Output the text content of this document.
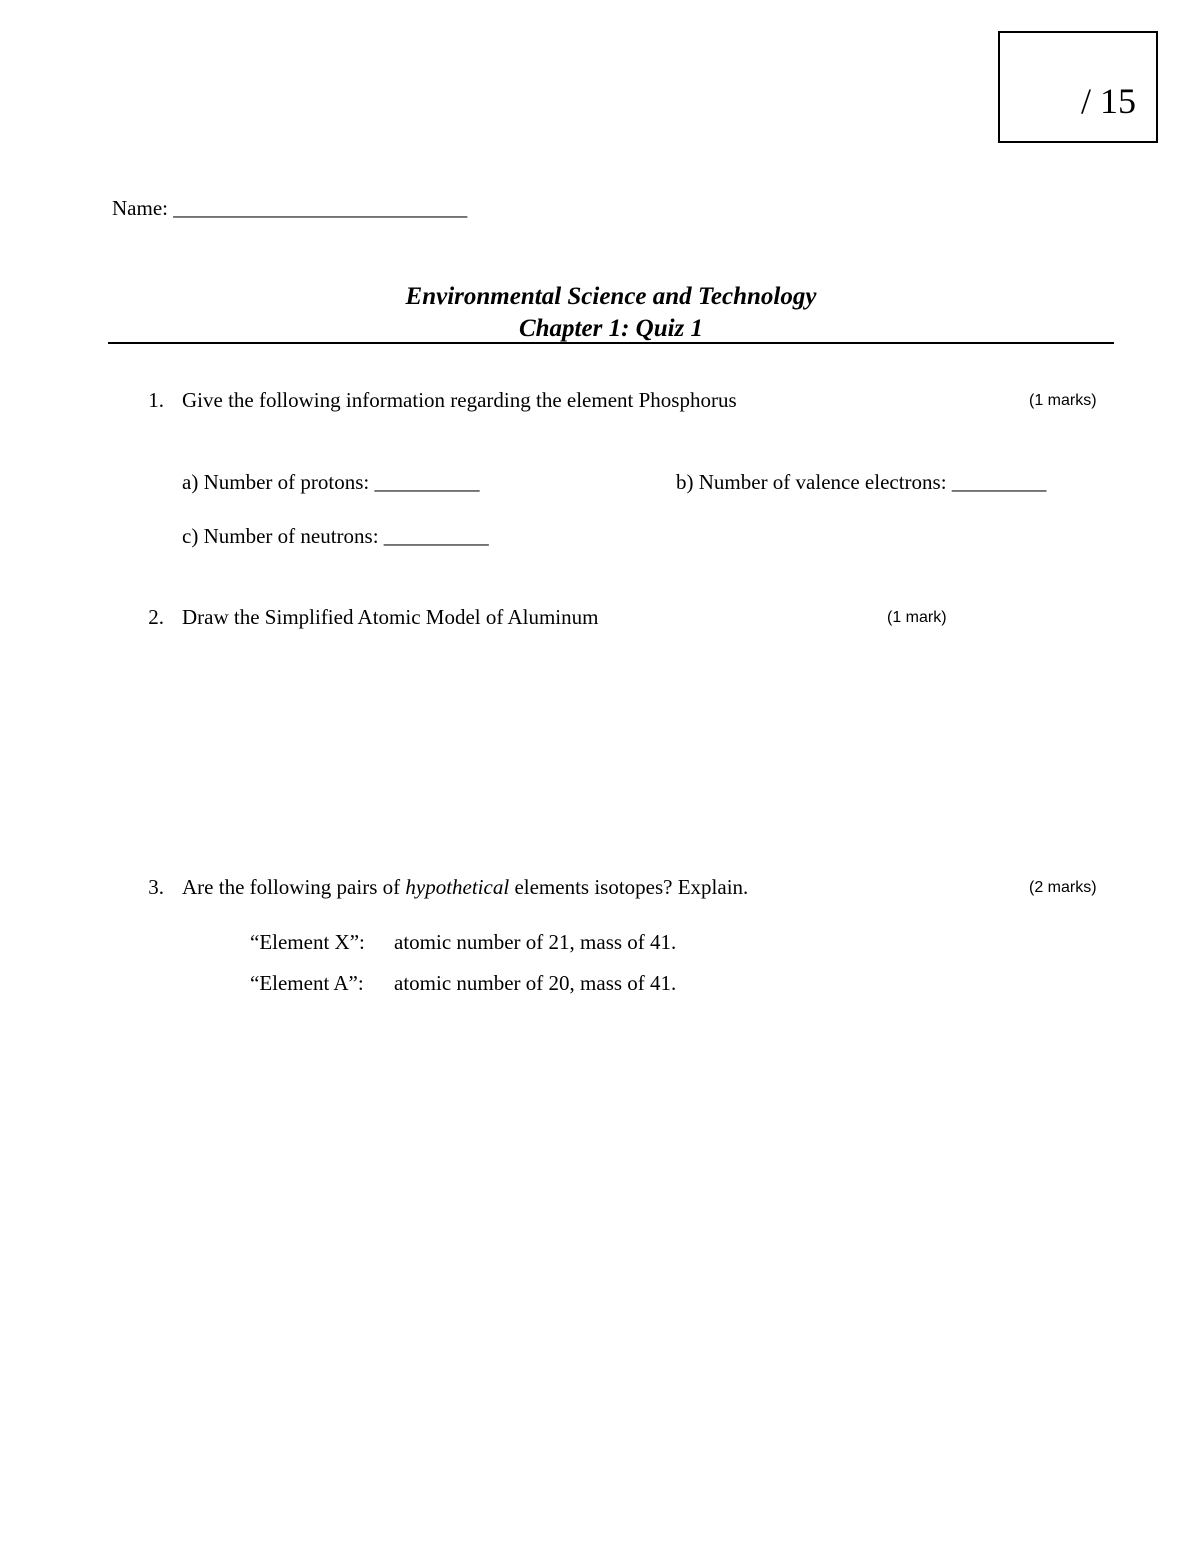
/ 15
Name: ____________________________
Environmental Science and Technology
Chapter 1: Quiz 1
1. Give the following information regarding the element Phosphorus	(1 marks)
a) Number of protons: __________	b) Number of valence electrons: _________
c) Number of neutrons: __________
2. Draw the Simplified Atomic Model of Aluminum	(1 mark)
3. Are the following pairs of hypothetical elements isotopes? Explain.	(2 marks)
“Element X”: atomic number of 21, mass of 41.
“Element A”: atomic number of 20, mass of 41.
